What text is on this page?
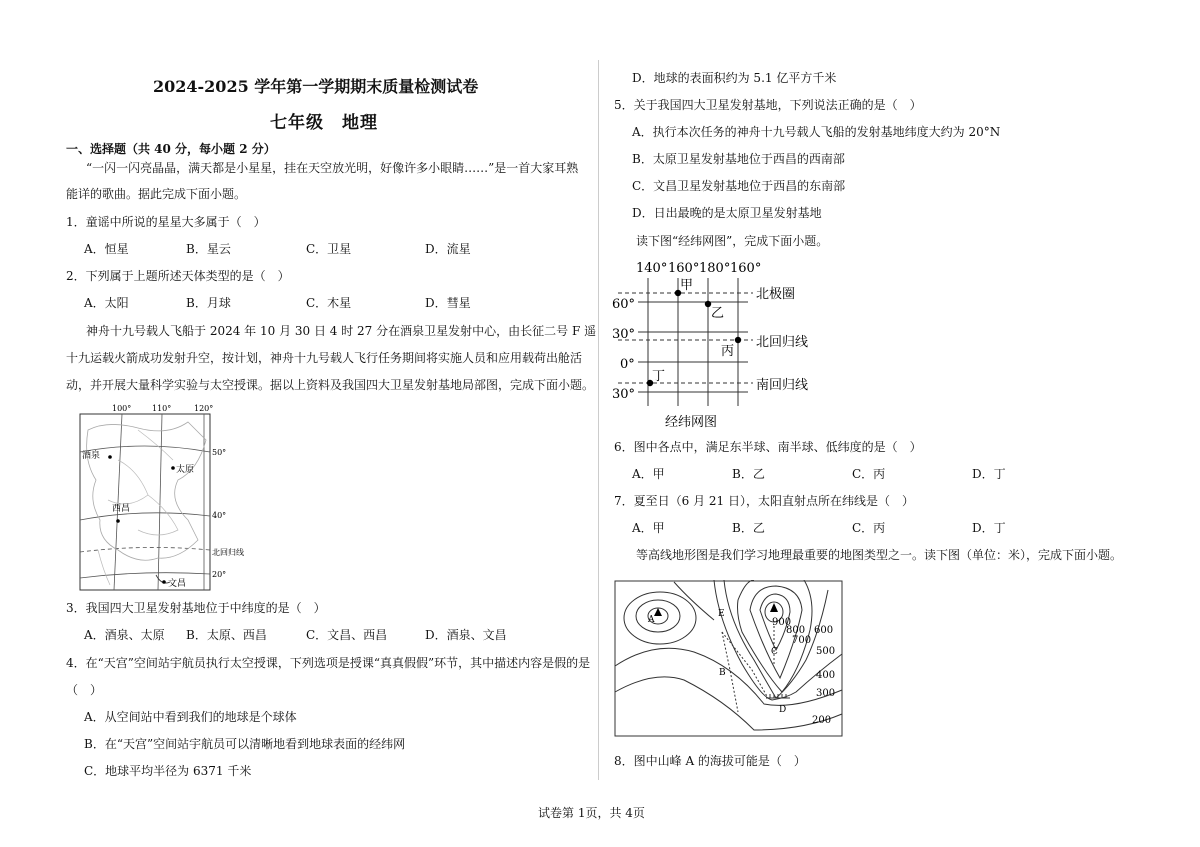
2024-2025 学年第一学期期末质量检测试卷
七年级　地理
一、选择题（共 40 分，每小题 2 分）
“一闪一闪亮晶晶，满天都是小星星，挂在天空放光明，好像许多小眼睛……”是一首大家耳熟
能详的歌曲。据此完成下面小题。
1．童谣中所说的星星大多属于（　）
A．恒星	B．星云	C．卫星	D．流星
2．下列属于上题所述天体类型的是（　）
A．太阳	B．月球	C．木星	D．彗星
神舟十九号载人飞船于 2024 年 10 月 30 日 4 时 27 分在酒泉卫星发射中心，由长征二号 F 遥
十九运载火箭成功发射升空，按计划，神舟十九号载人飞行任务期间将实施人员和应用载荷出舱活
动，并开展大量科学实验与太空授课。据以上资料及我国四大卫星发射基地局部图，完成下面小题。
100°	110°	120°
50°
40°
20°
北回归线
酒泉
太原
西昌
文昌
3．我国四大卫星发射基地位于中纬度的是（　）
A．酒泉、太原 B．太原、西昌	C．文昌、西昌	D．酒泉、文昌
4．在“天宫”空间站宇航员执行太空授课，下列选项是授课“真真假假”环节，其中描述内容是假的是
（　）
A．从空间站中看到我们的地球是个球体
B．在“天宫”空间站宇航员可以清晰地看到地球表面的经纬网
C．地球平均半径为 6371 千米
D．地球的表面积约为 5.1 亿平方千米
5．关于我国四大卫星发射基地，下列说法正确的是（　）
A．执行本次任务的神舟十九号载人飞船的发射基地纬度大约为 20°N
B．太原卫星发射基地位于西昌的西南部
C．文昌卫星发射基地位于西昌的东南部
D．日出最晚的是太原卫星发射基地
读下图“经纬网图”，完成下面小题。
140° 160° 180° 160°
60°
30°
0°
30°
北极圈
北回归线
南回归线
甲
乙
丙
丁
经纬网图
6．图中各点中，满足东半球、南半球、低纬度的是（　）
A．甲	B．乙	C．丙	D．丁
7．夏至日（6 月 21 日），太阳直射点所在纬线是（　）
A．甲	B．乙	C．丙	D．丁
等高线地形图是我们学习地理最重要的地图类型之一。读下图（单位：米），完成下面小题。
A
E
B
C
D
900
800
700
600
500
400
300
200
8．图中山峰 A 的海拔可能是（　）
试卷第 1页，共 4页
